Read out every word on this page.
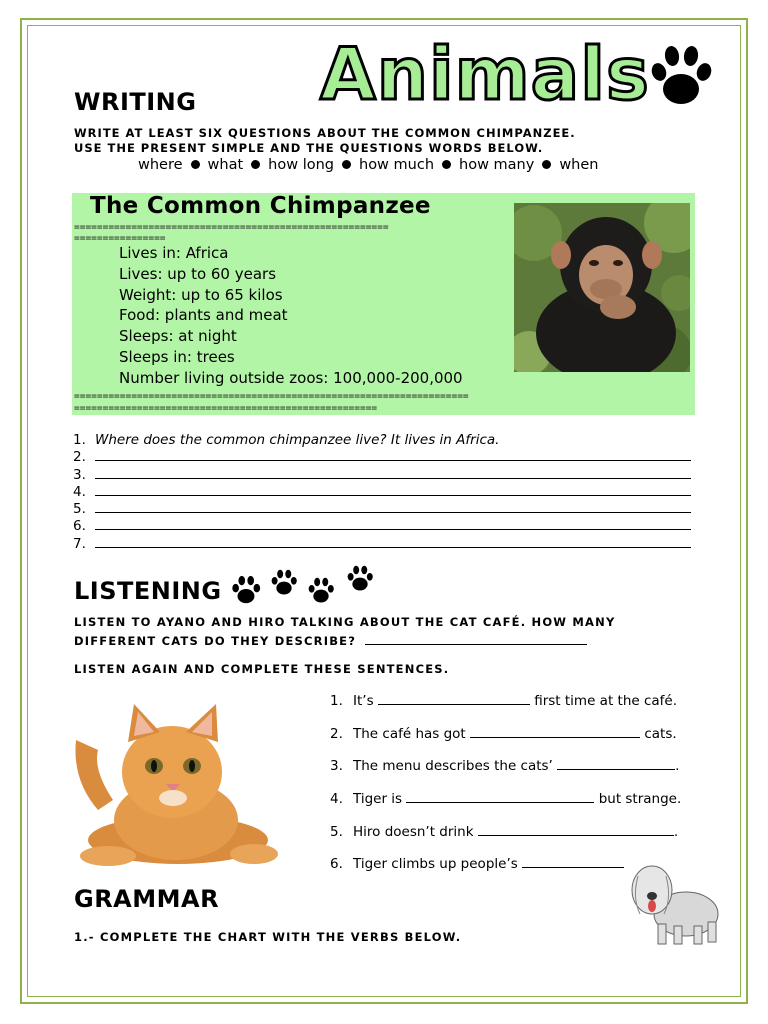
Animals
WRITING
WRITE AT LEAST SIX QUESTIONS ABOUT THE COMMON CHIMPANZEE.
USE THE PRESENT SIMPLE AND THE QUESTIONS WORDS BELOW.
where what how long how much how many when
The Common Chimpanzee
=======================================================
================
Lives in: Africa
Lives: up to 60 years
Weight: up to 65 kilos
Food: plants and meat
Sleeps: at night
Sleeps in: trees
Number living outside zoos: 100,000-200,000
=====================================================================
=====================================================
1. Where does the common chimpanzee live? It lives in Africa.
2.
3.
4.
5.
6.
7.
LISTENING
LISTEN TO AYANO AND HIRO TALKING ABOUT THE CAT CAFÉ. HOW MANY
DIFFERENT CATS DO THEY DESCRIBE?
LISTEN AGAIN AND COMPLETE THESE SENTENCES.
1. It’s	first time at the café.
2. The café has got	cats.
3. The menu describes the cats’	.
4. Tiger is	but strange.
5. Hiro doesn’t drink	.
6. Tiger climbs up people’s
GRAMMAR
1.- COMPLETE THE CHART WITH THE VERBS BELOW.
